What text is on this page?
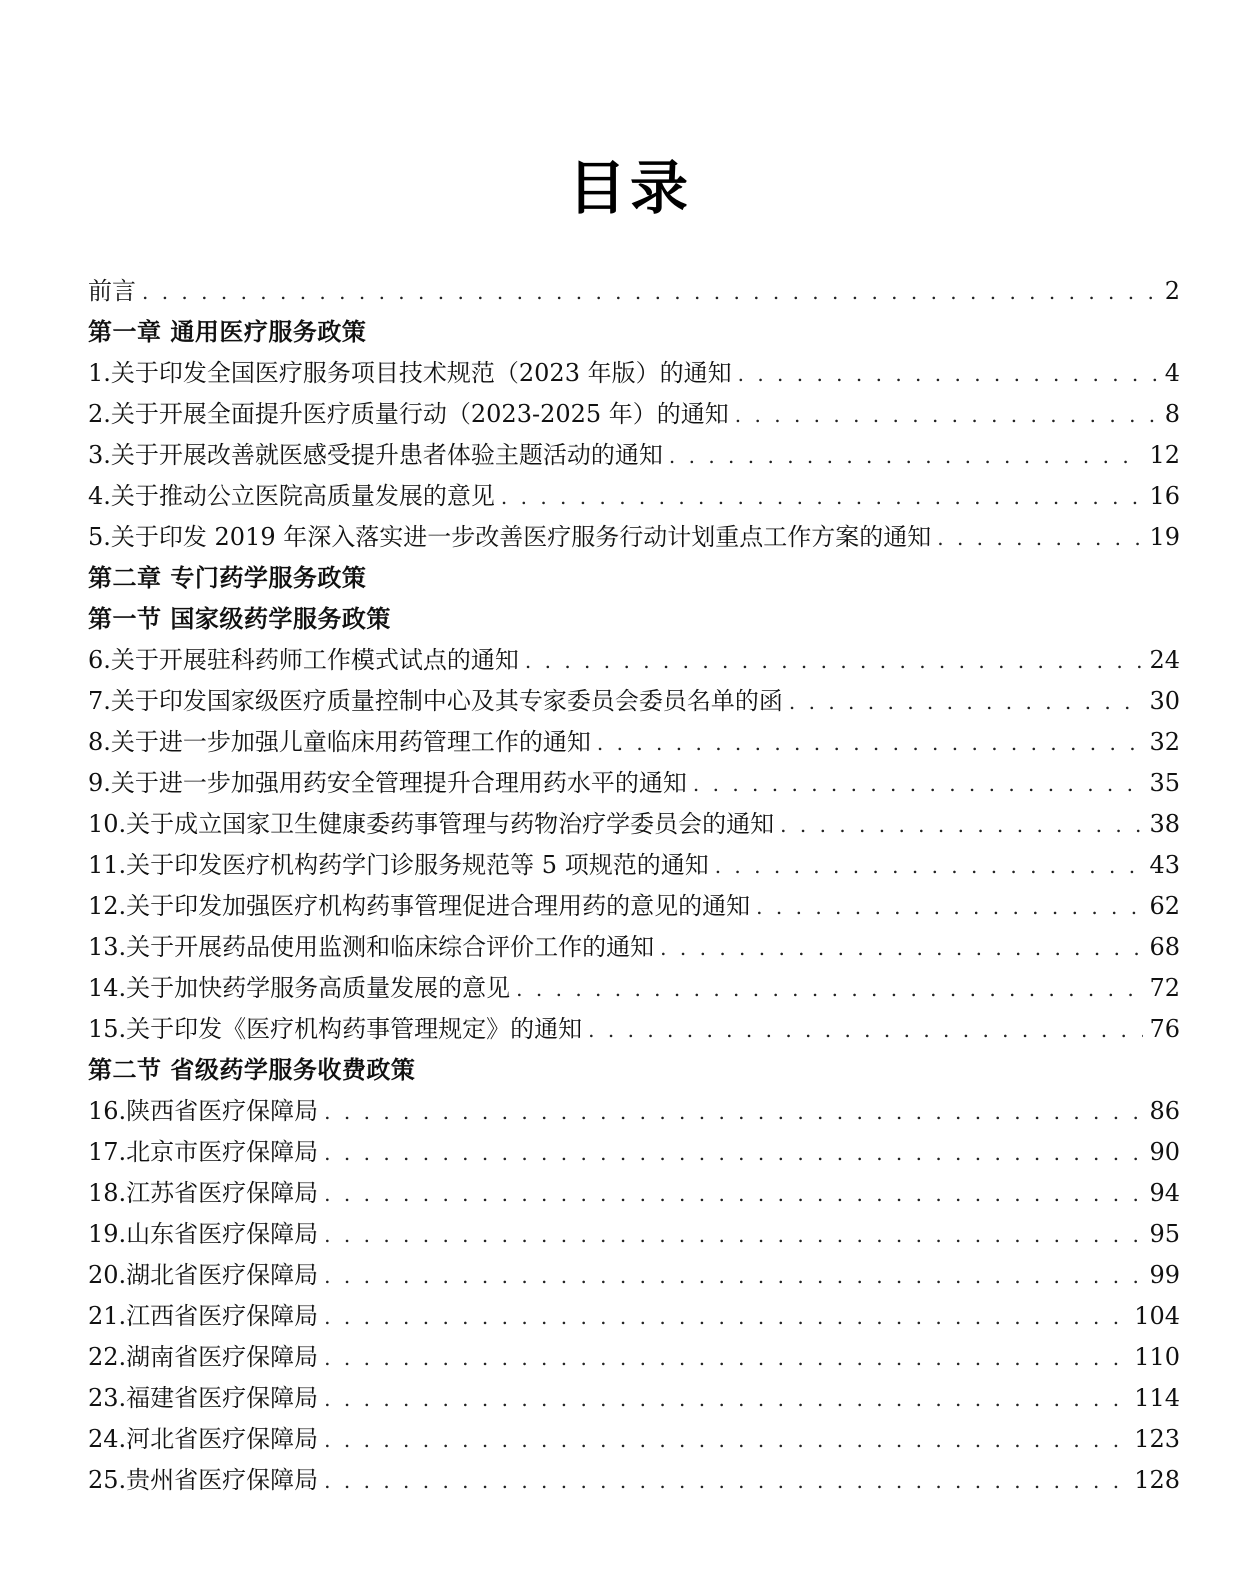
目录
前言 . . .	2
第一章 通用医疗服务政策
1.关于印发全国医疗服务项目技术规范（2023 年版）的通知 . . .	4
2.关于开展全面提升医疗质量行动（2023-2025 年）的通知 . . .	8
3.关于开展改善就医感受提升患者体验主题活动的通知 . . .	12
4.关于推动公立医院高质量发展的意见 . . .	16
5.关于印发 2019 年深入落实进一步改善医疗服务行动计划重点工作方案的通知 . . .	19
第二章 专门药学服务政策
第一节 国家级药学服务政策
6.关于开展驻科药师工作模式试点的通知 . . .	24
7.关于印发国家级医疗质量控制中心及其专家委员会委员名单的函 . . .	30
8.关于进一步加强儿童临床用药管理工作的通知 . . .	32
9.关于进一步加强用药安全管理提升合理用药水平的通知 . . .	35
10.关于成立国家卫生健康委药事管理与药物治疗学委员会的通知 . . .	38
11.关于印发医疗机构药学门诊服务规范等 5 项规范的通知 . . .	43
12.关于印发加强医疗机构药事管理促进合理用药的意见的通知 . . .	62
13.关于开展药品使用监测和临床综合评价工作的通知 . . .	68
14.关于加快药学服务高质量发展的意见 . . .	72
15.关于印发《医疗机构药事管理规定》的通知 . . .	76
第二节 省级药学服务收费政策
16.陕西省医疗保障局 . . .	86
17.北京市医疗保障局 . . .	90
18.江苏省医疗保障局 . . .	94
19.山东省医疗保障局 . . .	95
20.湖北省医疗保障局 . . .	99
21.江西省医疗保障局 . . .	104
22.湖南省医疗保障局 . . .	110
23.福建省医疗保障局 . . .	114
24.河北省医疗保障局 . . .	123
25.贵州省医疗保障局 . . .	128
